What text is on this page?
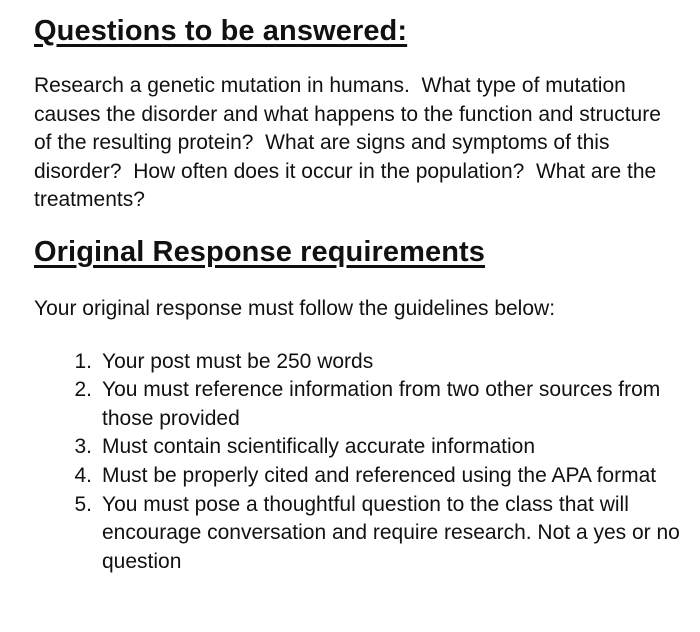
Questions to be answered:

Research a genetic mutation in humans.  What type of mutation causes the disorder and what happens to the function and structure of the resulting protein?  What are signs and symptoms of this disorder?  How often does it occur in the population?  What are the treatments?

Original Response requirements

Your original response must follow the guidelines below:

Your post must be 250 words
You must reference information from two other sources from those provided
Must contain scientifically accurate information
Must be properly cited and referenced using the APA format
You must pose a thoughtful question to the class that will encourage conversation and require research. Not a yes or no question
